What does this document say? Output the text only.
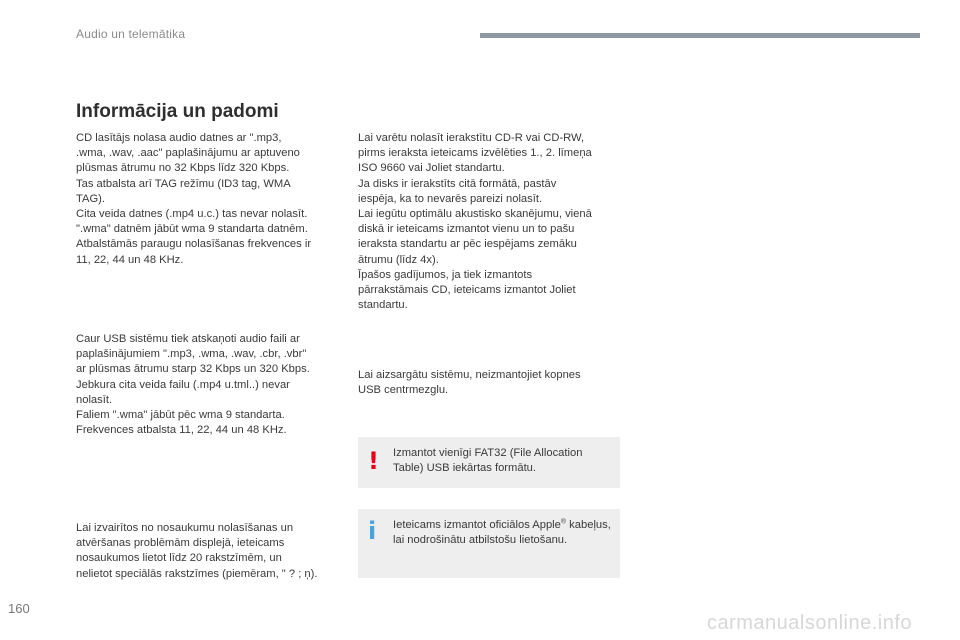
Audio un telemātika
Informācija un padomi
CD lasītājs nolasa audio datnes ar ".mp3,
.wma, .wav, .aac" paplašinājumu ar aptuveno
plūsmas ātrumu no 32 Kbps līdz 320 Kbps.
Tas atbalsta arī TAG režīmu (ID3 tag, WMA
TAG).
Cita veida datnes (.mp4 u.c.) tas nevar nolasīt.
".wma" datnēm jābūt wma 9 standarta datnēm.
Atbalstāmās paraugu nolasīšanas frekvences ir
11, 22, 44 un 48 KHz.
Lai varētu nolasīt ierakstītu CD-R vai CD-RW,
pirms ieraksta ieteicams izvēlēties 1., 2. līmeņa
ISO 9660 vai Joliet standartu.
Ja disks ir ierakstīts citā formātā, pastāv
iespēja, ka to nevarēs pareizi nolasīt.
Lai iegūtu optimālu akustisko skanējumu, vienā
diskā ir ieteicams izmantot vienu un to pašu
ieraksta standartu ar pēc iespējams zemāku
ātrumu (līdz 4x).
Īpašos gadījumos, ja tiek izmantots
pārrakstāmais CD, ieteicams izmantot Joliet
standartu.
Caur USB sistēmu tiek atskaņoti audio faili ar
paplašinājumiem ".mp3, .wma, .wav, .cbr, .vbr"
ar plūsmas ātrumu starp 32 Kbps un 320 Kbps.
Jebkura cita veida failu (.mp4 u.tml..) nevar
nolasīt.
Faliem ".wma" jābūt pēc wma 9 standarta.
Frekvences atbalsta 11, 22, 44 un 48 KHz.
Lai aizsargātu sistēmu, neizmantojiet kopnes
USB centrmezglu.
Lai izvairītos no nosaukumu nolasīšanas un
atvēršanas problēmām displejā, ieteicams
nosaukumos lietot līdz 20 rakstzīmēm, un
nelietot speciālās rakstzīmes (piemēram, " ? ; ņ).
! Izmantot vienīgi FAT32 (File Allocation Table) USB iekārtas formātu.
i Ieteicams izmantot oficiālos Apple® kabeļus, lai nodrošinātu atbilstošu lietošanu.
160
carmanualsonline.info
